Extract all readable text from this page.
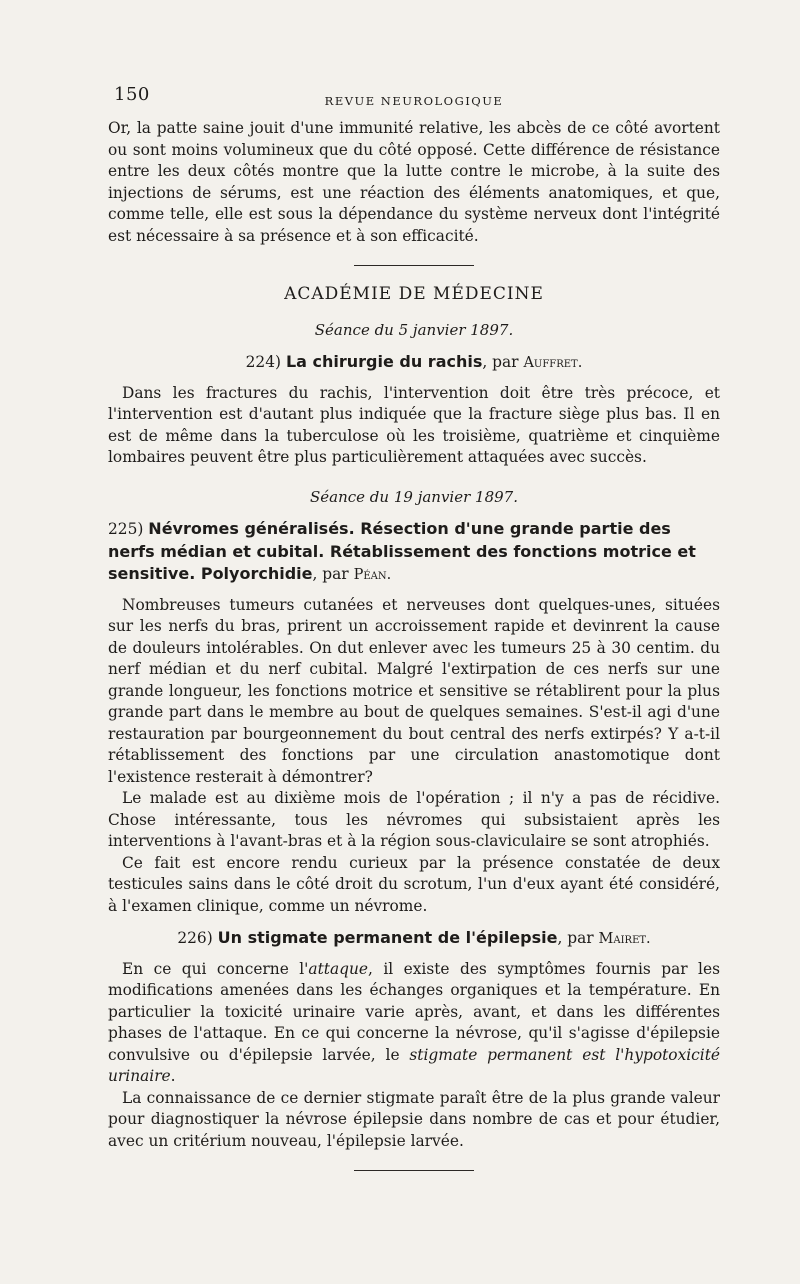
150	REVUE NEUROLOGIQUE

Or, la patte saine jouit d'une immunité relative, les abcès de ce côté avortent ou sont moins volumineux que du côté opposé. Cette différence de résistance entre les deux côtés montre que la lutte contre le microbe, à la suite des injections de sérums, est une réaction des éléments anatomiques, et que, comme telle, elle est sous la dépendance du système nerveux dont l'intégrité est nécessaire à sa présence et à son efficacité.

ACADÉMIE DE MÉDECINE
Séance du 5 janvier 1897.
224) La chirurgie du rachis, par Auffret.

Dans les fractures du rachis, l'intervention doit être très précoce, et l'intervention est d'autant plus indiquée que la fracture siège plus bas. Il en est de même dans la tuberculose où les troisième, quatrième et cinquième lombaires peuvent être plus particulièrement attaquées avec succès.

Séance du 19 janvier 1897.
225) Névromes généralisés. Résection d'une grande partie des nerfs médian et cubital. Rétablissement des fonctions motrice et sensitive. Polyorchidie, par Péan.

Nombreuses tumeurs cutanées et nerveuses dont quelques-unes, situées sur les nerfs du bras, prirent un accroissement rapide et devinrent la cause de douleurs intolérables. On dut enlever avec les tumeurs 25 à 30 centim. du nerf médian et du nerf cubital. Malgré l'extirpation de ces nerfs sur une grande longueur, les fonctions motrice et sensitive se rétablirent pour la plus grande part dans le membre au bout de quelques semaines. S'est-il agi d'une restauration par bourgeonnement du bout central des nerfs extirpés? Y a-t-il rétablissement des fonctions par une circulation anastomotique dont l'existence resterait à démontrer?

Le malade est au dixième mois de l'opération ; il n'y a pas de récidive. Chose intéressante, tous les névromes qui subsistaient après les interventions à l'avant-bras et à la région sous-claviculaire se sont atrophiés.

Ce fait est encore rendu curieux par la présence constatée de deux testicules sains dans le côté droit du scrotum, l'un d'eux ayant été considéré, à l'examen clinique, comme un névrome.

226) Un stigmate permanent de l'épilepsie, par Mairet.

En ce qui concerne l'attaque, il existe des symptômes fournis par les modifications amenées dans les échanges organiques et la température. En particulier la toxicité urinaire varie après, avant, et dans les différentes phases de l'attaque. En ce qui concerne la névrose, qu'il s'agisse d'épilepsie convulsive ou d'épilepsie larvée, le stigmate permanent est l'hypotoxicité urinaire.

La connaissance de ce dernier stigmate paraît être de la plus grande valeur pour diagnostiquer la névrose épilepsie dans nombre de cas et pour étudier, avec un critérium nouveau, l'épilepsie larvée.
